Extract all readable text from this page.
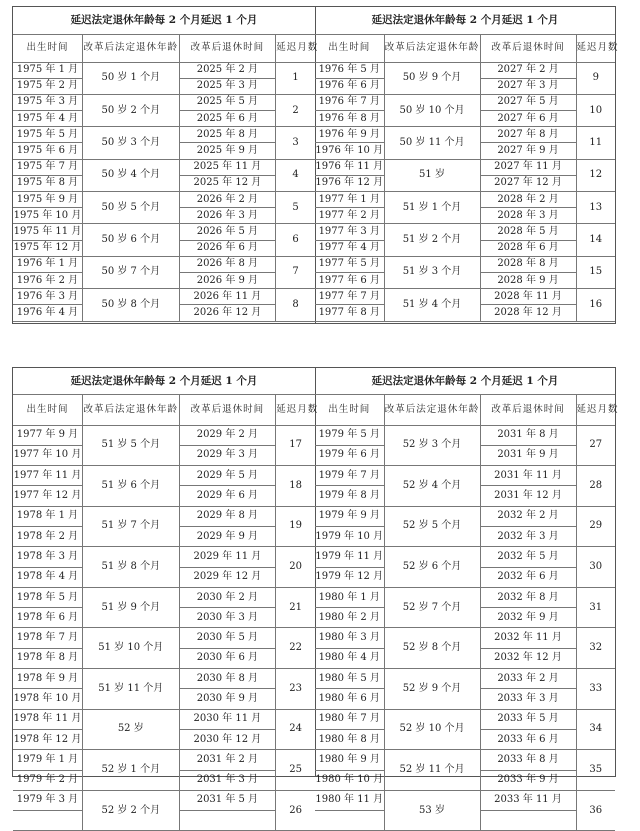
延迟法定退休年龄每 2 个月延迟 1 个月			
出生时间	改革后法定退休年龄	改革后退休时间	延迟月数
1975 年 1 月	50 岁 1 个月	2025 年 2 月	1
1975 年 2 月		2025 年 3 月	
1975 年 3 月	50 岁 2 个月	2025 年 5 月	2
1975 年 4 月		2025 年 6 月	
1975 年 5 月	50 岁 3 个月	2025 年 8 月	3
1975 年 6 月		2025 年 9 月	
1975 年 7 月	50 岁 4 个月	2025 年 11 月	4
1975 年 8 月		2025 年 12 月	
1975 年 9 月	50 岁 5 个月	2026 年 2 月	5
1975 年 10 月		2026 年 3 月	
1975 年 11 月	50 岁 6 个月	2026 年 5 月	6
1975 年 12 月		2026 年 6 月	
1976 年 1 月	50 岁 7 个月	2026 年 8 月	7
1976 年 2 月		2026 年 9 月	
1976 年 3 月	50 岁 8 个月	2026 年 11 月	8
1976 年 4 月		2026 年 12 月	
延迟法定退休年龄每 2 个月延迟 1 个月			
出生时间	改革后法定退休年龄	改革后退休时间	延迟月数
1976 年 5 月	50 岁 9 个月	2027 年 2 月	9
1976 年 6 月		2027 年 3 月	
1976 年 7 月	50 岁 10 个月	2027 年 5 月	10
1976 年 8 月		2027 年 6 月	
1976 年 9 月	50 岁 11 个月	2027 年 8 月	11
1976 年 10 月		2027 年 9 月	
1976 年 11 月	51 岁	2027 年 11 月	12
1976 年 12 月		2027 年 12 月	
1977 年 1 月	51 岁 1 个月	2028 年 2 月	13
1977 年 2 月		2028 年 3 月	
1977 年 3 月	51 岁 2 个月	2028 年 5 月	14
1977 年 4 月		2028 年 6 月	
1977 年 5 月	51 岁 3 个月	2028 年 8 月	15
1977 年 6 月		2028 年 9 月	
1977 年 7 月	51 岁 4 个月	2028 年 11 月	16
1977 年 8 月		2028 年 12 月	
延迟法定退休年龄每 2 个月延迟 1 个月			
出生时间	改革后法定退休年龄	改革后退休时间	延迟月数
1977 年 9 月	51 岁 5 个月	2029 年 2 月	17
1977 年 10 月		2029 年 3 月	
1977 年 11 月	51 岁 6 个月	2029 年 5 月	18
1977 年 12 月		2029 年 6 月	
1978 年 1 月	51 岁 7 个月	2029 年 8 月	19
1978 年 2 月		2029 年 9 月	
1978 年 3 月	51 岁 8 个月	2029 年 11 月	20
1978 年 4 月		2029 年 12 月	
1978 年 5 月	51 岁 9 个月	2030 年 2 月	21
1978 年 6 月		2030 年 3 月	
1978 年 7 月	51 岁 10 个月	2030 年 5 月	22
1978 年 8 月		2030 年 6 月	
1978 年 9 月	51 岁 11 个月	2030 年 8 月	23
1978 年 10 月		2030 年 9 月	
1978 年 11 月	52 岁	2030 年 11 月	24
1978 年 12 月		2030 年 12 月	
1979 年 1 月	52 岁 1 个月	2031 年 2 月	25
1979 年 2 月		2031 年 3 月	
1979 年 3 月	52 岁 2 个月	2031 年 5 月	26

延迟法定退休年龄每 2 个月延迟 1 个月			
出生时间	改革后法定退休年龄	改革后退休时间	延迟月数
1979 年 5 月	52 岁 3 个月	2031 年 8 月	27
1979 年 6 月		2031 年 9 月	
1979 年 7 月	52 岁 4 个月	2031 年 11 月	28
1979 年 8 月		2031 年 12 月	
1979 年 9 月	52 岁 5 个月	2032 年 2 月	29
1979 年 10 月		2032 年 3 月	
1979 年 11 月	52 岁 6 个月	2032 年 5 月	30
1979 年 12 月		2032 年 6 月	
1980 年 1 月	52 岁 7 个月	2032 年 8 月	31
1980 年 2 月		2032 年 9 月	
1980 年 3 月	52 岁 8 个月	2032 年 11 月	32
1980 年 4 月		2032 年 12 月	
1980 年 5 月	52 岁 9 个月	2033 年 2 月	33
1980 年 6 月		2033 年 3 月	
1980 年 7 月	52 岁 10 个月	2033 年 5 月	34
1980 年 8 月		2033 年 6 月	
1980 年 9 月	52 岁 11 个月	2033 年 8 月	35
1980 年 10 月		2033 年 9 月	
1980 年 11 月	53 岁	2033 年 11 月	36
